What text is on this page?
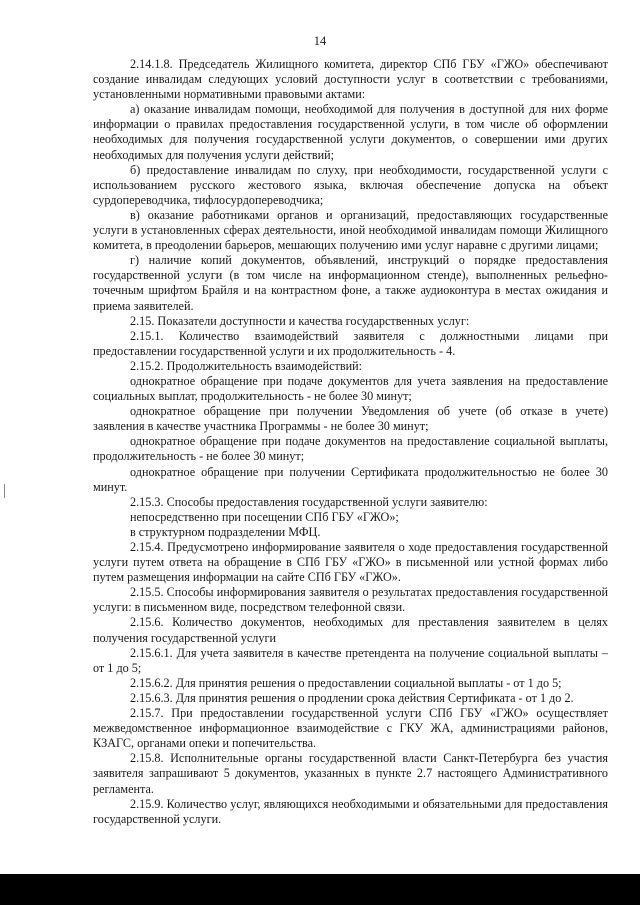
14

2.14.1.8. Председатель Жилищного комитета, директор СПб ГБУ «ГЖО» обеспечивают создание инвалидам следующих условий доступности услуг в соответствии с требованиями, установленными нормативными правовыми актами:

а) оказание инвалидам помощи, необходимой для получения в доступной для них форме информации о правилах предоставления государственной услуги, в том числе об оформлении необходимых для получения государственной услуги документов, о совершении ими других необходимых для получения услуги действий;

б) предоставление инвалидам по слуху, при необходимости, государственной услуги с использованием русского жестового языка, включая обеспечение допуска на объект сурдопереводчика, тифлосурдопереводчика;

в) оказание работниками органов и организаций, предоставляющих государственные услуги в установленных сферах деятельности, иной необходимой инвалидам помощи Жилищного комитета, в преодолении барьеров, мешающих получению ими услуг наравне с другими лицами;

г) наличие копий документов, объявлений, инструкций о порядке предоставления государственной услуги (в том числе на информационном стенде), выполненных рельефно-точечным шрифтом Брайля и на контрастном фоне, а также аудиоконтура в местах ожидания и приема заявителей.

2.15. Показатели доступности и качества государственных услуг:

2.15.1. Количество взаимодействий заявителя с должностными лицами при предоставлении государственной услуги и их продолжительность - 4.

2.15.2. Продолжительность взаимодействий:

однократное обращение при подаче документов для учета заявления на предоставление социальных выплат, продолжительность - не более 30 минут;

однократное обращение при получении Уведомления об учете (об отказе в учете) заявления в качестве участника Программы - не более 30 минут;

однократное обращение при подаче документов на предоставление социальной выплаты, продолжительность - не более 30 минут;

однократное обращение при получении Сертификата продолжительностью не более 30 минут.

2.15.3. Способы предоставления государственной услуги заявителю:

непосредственно при посещении СПб ГБУ «ГЖО»;

в структурном подразделении МФЦ.

2.15.4. Предусмотрено информирование заявителя о ходе предоставления государственной услуги путем ответа на обращение в СПб ГБУ «ГЖО» в письменной или устной формах либо путем размещения информации на сайте СПб ГБУ «ГЖО».

2.15.5. Способы информирования заявителя о результатах предоставления государственной услуги: в письменном виде, посредством телефонной связи.

2.15.6. Количество документов, необходимых для преставления заявителем в целях получения государственной услуги

2.15.6.1. Для учета заявителя в качестве претендента на получение социальной выплаты – от 1 до 5;

2.15.6.2. Для принятия решения о предоставлении социальной выплаты - от 1 до 5;

2.15.6.3. Для принятия решения о продлении срока действия Сертификата - от 1 до 2.

2.15.7. При предоставлении государственной услуги СПб ГБУ «ГЖО» осуществляет межведомственное информационное взаимодействие с ГКУ ЖА, администрациями районов, КЗАГС, органами опеки и попечительства.

2.15.8. Исполнительные органы государственной власти Санкт-Петербурга без участия заявителя запрашивают 5 документов, указанных в пункте 2.7 настоящего Административного регламента.

2.15.9. Количество услуг, являющихся необходимыми и обязательными для предоставления государственной услуги.
